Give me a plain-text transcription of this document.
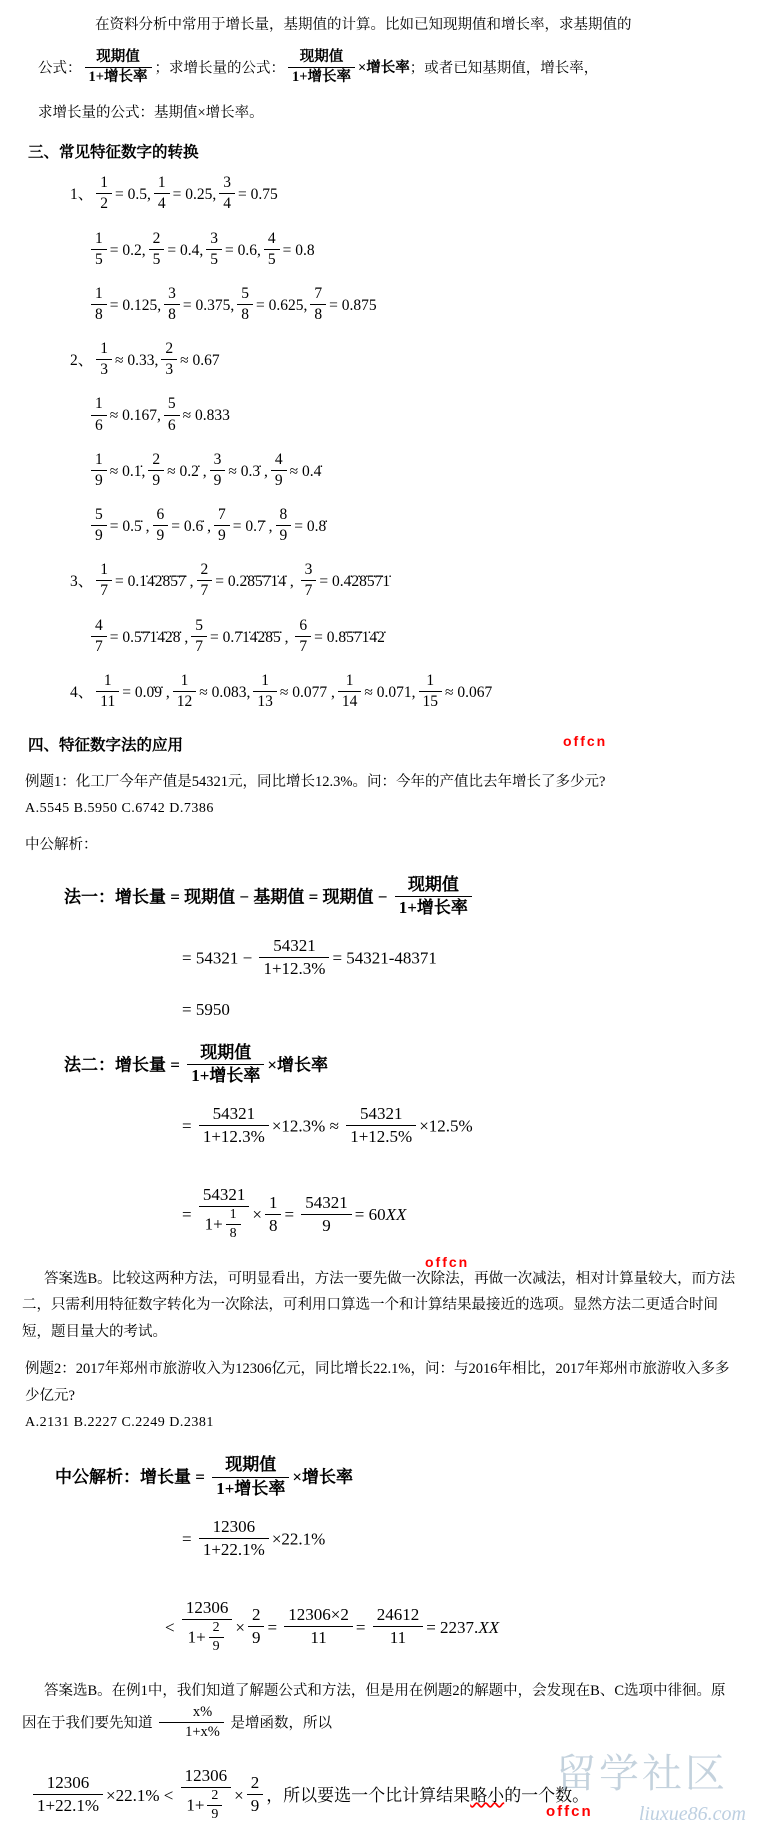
在资料分析中常用于增长量，基期值的计算。比如已知现期值和增长率，求基期值的
公式： $\frac{\text{现期值}}{\text{1+增长率}}$ ；求增长量的公式： $\frac{\text{现期值}}{\text{1+增长率}}$ ×增长率；或者已知基期值，增长率，
求增长量的公式：基期值×增长率。
三、常见特征数字的转换
1、 $\frac{1}{2} = 0.5$, $\frac{1}{4} = 0.25$, $\frac{3}{4} = 0.75$
$\frac{1}{5} = 0.2$, $\frac{2}{5} = 0.4$, $\frac{3}{5} = 0.6$, $\frac{4}{5} = 0.8$
$\frac{1}{8} = 0.125$, $\frac{3}{8} = 0.375$, $\frac{5}{8} = 0.625$, $\frac{7}{8} = 0.875$
2、 $\frac{1}{3} \approx 0.33$, $\frac{2}{3} \approx 0.67$
$\frac{1}{6} \approx 0.167$, $\frac{5}{6} \approx 0.833$
$\frac{1}{9}$ ≈ 0.1̇, $\frac{2}{9}$ ≈ 0.2̇ , $\frac{3}{9}$ ≈ 0.3̇ , $\frac{4}{9}$ ≈ 0.4̇
$\frac{5}{9}$ = 0.5̇ , $\frac{6}{9}$ = 0.6̇ , $\frac{7}{9}$ = 0.7̇ , $\frac{8}{9}$ = 0.8̇
3、 $\frac{1}{7}$ = 0.1̇4̇2̇8̇5̇7̇ , $\frac{2}{7}$ = 0.2̇8̇5̇7̇1̇4̇ , $\frac{3}{7}$ = 0.4̇2̇8̇5̇7̇1̇
$\frac{4}{7}$ = 0.5̇7̇1̇4̇2̇8̇ , $\frac{5}{7}$ = 0.7̇1̇4̇2̇8̇5̇ , $\frac{6}{7}$ = 0.8̇5̇7̇1̇4̇2̇
4、 $\frac{1}{11}$ = 0.0̇9̇ , $\frac{1}{12} \approx 0.083$, $\frac{1}{13} \approx 0.077$ , $\frac{1}{14} \approx 0.071$, $\frac{1}{15} \approx 0.067$
四、特征数字法的应用	offcn
例题1：化工厂今年产值是54321元，同比增长12.3%。问：今年的产值比去年增长了多少元?
A.5545 B.5950 C.6742 D.7386
中公解析：
法一：增长量 = 现期值 − 基期值 = 现期值 − $\frac{\text{现期值}}{\text{1+增长率}}$
= $54321 - \frac{54321}{1+12.3\%} = 54321-48371$
= 5950
法二：增长量 = $\frac{\text{现期值}}{\text{1+增长率}}$ ×增长率
= $\frac{54321}{1+12.3\%} \times 12.3\% \approx \frac{54321}{1+12.5\%} \times 12.5\%$
= $\frac{54321}{1+ \frac{1}{8}} \times \frac{1}{8} = \frac{54321}{9} = 60XX$
offcn
答案选B。比较这两种方法，可明显看出，方法一要先做一次除法，再做一次减法，相对计算量较大，而方法二，只需利用特征数字转化为一次除法，可利用口算选一个和计算结果最接近的选项。显然方法二更适合时间短，题目量大的考试。
例题2：2017年郑州市旅游收入为12306亿元，同比增长22.1%，问：与2016年相比，2017年郑州市旅游收入多多少亿元?
A.2131 B.2227 C.2249 D.2381
中公解析：增长量 = $\frac{\text{现期值}}{\text{1+增长率}}$ ×增长率
= $\frac{12306}{1+22.1\%} \times 22.1\%$
< $\frac{12306}{1+ \frac{2}{9}} \times \frac{2}{9} = \frac{12306\times 2}{11} = \frac{24612}{11} = 2237.XX$
答案选B。在例1中，我们知道了解题公式和方法，但是用在例题2的解题中，会发现在B、C选项中徘徊。原因在于我们要先知道 $\frac{x\%}{1+x\%}$ 是增函数，所以
$\frac{12306}{1+22.1\%} \times 22.1\% < \frac{12306}{1+ \frac{2}{9}} \times \frac{2}{9}$ ，所以要选一个比计算结果略小的一个数。
留学社区
liuxue86.com
offcn
